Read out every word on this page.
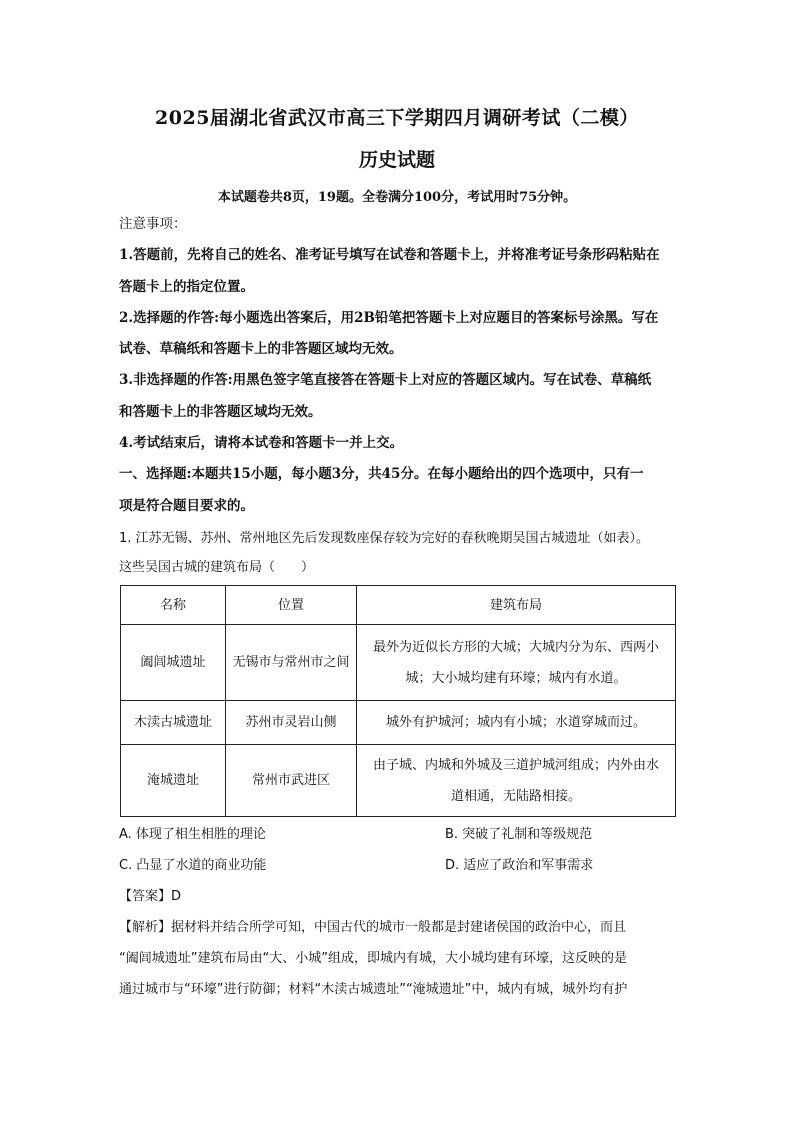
2025届湖北省武汉市高三下学期四月调研考试（二模）
历史试题
本试题卷共8页，19题。全卷满分100分，考试用时75分钟。
注意事项：
1.答题前，先将自己的姓名、准考证号填写在试卷和答题卡上，并将准考证号条形码粘贴在
答题卡上的指定位置。
2.选择题的作答:每小题选出答案后，用2B铅笔把答题卡上对应题目的答案标号涂黑。写在
试卷、草稿纸和答题卡上的非答题区域均无效。
3.非选择题的作答:用黑色签字笔直接答在答题卡上对应的答题区域内。写在试卷、草稿纸
和答题卡上的非答题区域均无效。
4.考试结束后，请将本试卷和答题卡一并上交。
一、选择题:本题共15小题，每小题3分，共45分。在每小题给出的四个选项中，只有一
项是符合题目要求的。
1. 江苏无锡、苏州、常州地区先后发现数座保存较为完好的春秋晚期吴国古城遗址（如表）。
这些吴国古城的建筑布局（　　）
名称	位置	建筑布局
阖闾城遗址	无锡市与常州市之间	最外为近似长方形的大城；大城内分为东、西两小城；大小城均建有环壕；城内有水道。
木渎古城遗址	苏州市灵岩山侧	城外有护城河；城内有小城；水道穿城而过。
淹城遗址	常州市武进区	由子城、内城和外城及三道护城河组成；内外由水道相通，无陆路相接。
A. 体现了相生相胜的理论	B. 突破了礼制和等级规范
C. 凸显了水道的商业功能	D. 适应了政治和军事需求
【答案】D
【解析】据材料并结合所学可知，中国古代的城市一般都是封建诸侯国的政治中心，而且
“阖闾城遗址”建筑布局由“大、小城”组成，即城内有城，大小城均建有环壕，这反映的是
通过城市与“环壕”进行防御；材料“木渎古城遗址”“淹城遗址”中，城内有城，城外均有护
